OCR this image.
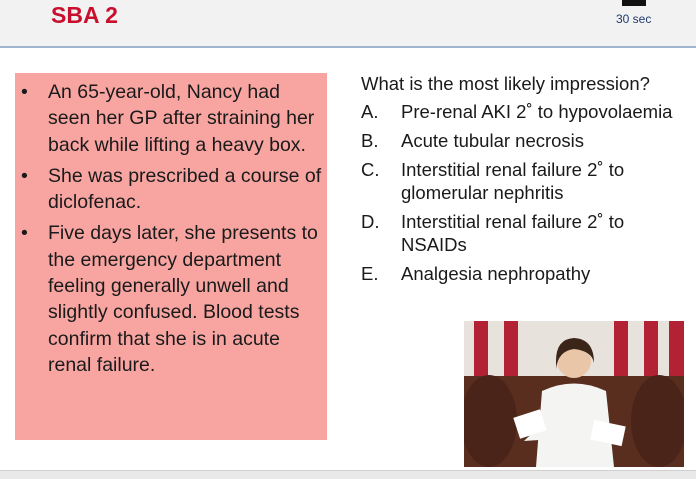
SBA 2	30 sec
• An 65-year-old, Nancy had seen her GP after straining her back while lifting a heavy box.
• She was prescribed a course of diclofenac.
• Five days later, she presents to the emergency department feeling generally unwell and slightly confused. Blood tests confirm that she is in acute renal failure.
What is the most likely impression?
A. Pre-renal AKI 2˚ to hypovolaemia
B. Acute tubular necrosis
C. Interstitial renal failure 2˚ to glomerular nephritis
D. Interstitial renal failure 2˚ to NSAIDs
E. Analgesia nephropathy
